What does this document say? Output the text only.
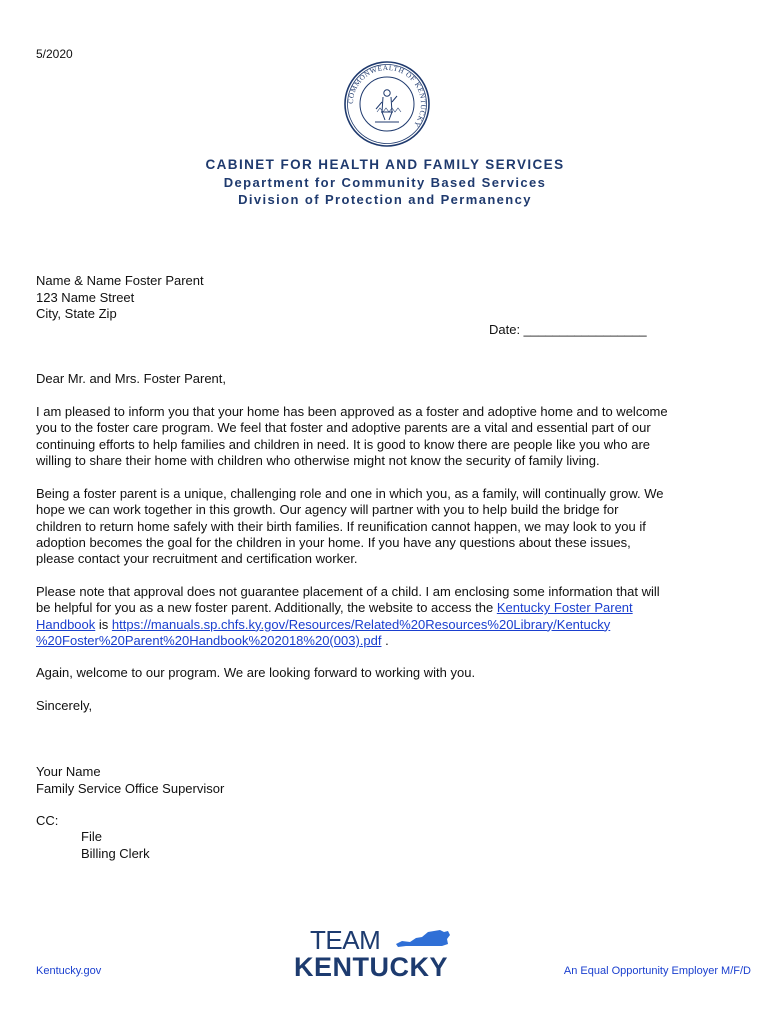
5/2020
COMMONWEALTH OF KENTUCKY
CABINET FOR HEALTH AND FAMILY SERVICES
Department for Community Based Services
Division of Protection and Permanency
Name & Name Foster Parent
123 Name Street
City, State Zip
Date: _________________
Dear Mr. and Mrs. Foster Parent,
I am pleased to inform you that your home has been approved as a foster and adoptive home and to welcome
you to the foster care program. We feel that foster and adoptive parents are a vital and essential part of our
continuing efforts to help families and children in need. It is good to know there are people like you who are
willing to share their home with children who otherwise might not know the security of family living.
Being a foster parent is a unique, challenging role and one in which you, as a family, will continually grow. We
hope we can work together in this growth. Our agency will partner with you to help build the bridge for
children to return home safely with their birth families. If reunification cannot happen, we may look to you if
adoption becomes the goal for the children in your home. If you have any questions about these issues,
please contact your recruitment and certification worker.
Please note that approval does not guarantee placement of a child. I am enclosing some information that will
be helpful for you as a new foster parent. Additionally, the website to access the Kentucky Foster Parent
Handbook is https://manuals.sp.chfs.ky.gov/Resources/Related%20Resources%20Library/Kentucky
%20Foster%20Parent%20Handbook%202018%20(003).pdf .
Again, welcome to our program. We are looking forward to working with you.
Sincerely,
Your Name
Family Service Office Supervisor
CC:
File
Billing Clerk
Kentucky.gov	An Equal Opportunity Employer M/F/D
TEAM
KENTUCKY
